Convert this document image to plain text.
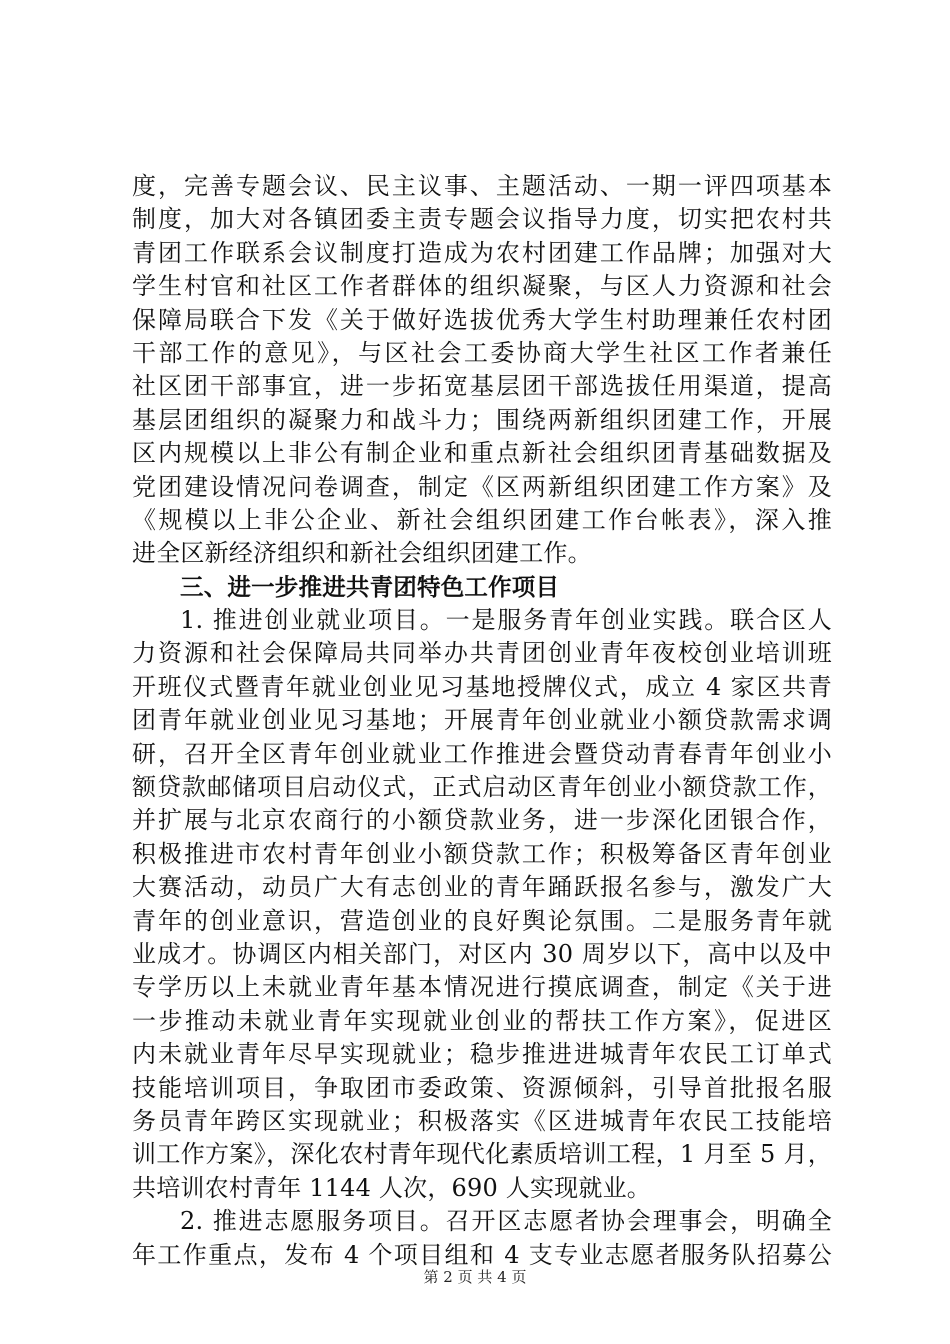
度，完善专题会议、民主议事、主题活动、一期一评四项基本
制度，加大对各镇团委主责专题会议指导力度，切实把农村共
青团工作联系会议制度打造成为农村团建工作品牌；加强对大
学生村官和社区工作者群体的组织凝聚，与区人力资源和社会
保障局联合下发《关于做好选拔优秀大学生村助理兼任农村团
干部工作的意见》，与区社会工委协商大学生社区工作者兼任
社区团干部事宜，进一步拓宽基层团干部选拔任用渠道，提高
基层团组织的凝聚力和战斗力；围绕两新组织团建工作，开展
区内规模以上非公有制企业和重点新社会组织团青基础数据及
党团建设情况问卷调查，制定《区两新组织团建工作方案》及
《规模以上非公企业、新社会组织团建工作台帐表》，深入推
进全区新经济组织和新社会组织团建工作。
三、进一步推进共青团特色工作项目
1. 推进创业就业项目。一是服务青年创业实践。联合区人
力资源和社会保障局共同举办共青团创业青年夜校创业培训班
开班仪式暨青年就业创业见习基地授牌仪式，成立 4 家区共青
团青年就业创业见习基地；开展青年创业就业小额贷款需求调
研，召开全区青年创业就业工作推进会暨贷动青春青年创业小
额贷款邮储项目启动仪式，正式启动区青年创业小额贷款工作，
并扩展与北京农商行的小额贷款业务，进一步深化团银合作，
积极推进市农村青年创业小额贷款工作；积极筹备区青年创业
大赛活动，动员广大有志创业的青年踊跃报名参与，激发广大
青年的创业意识，营造创业的良好舆论氛围。二是服务青年就
业成才。协调区内相关部门，对区内 30 周岁以下，高中以及中
专学历以上未就业青年基本情况进行摸底调查，制定《关于进
一步推动未就业青年实现就业创业的帮扶工作方案》，促进区
内未就业青年尽早实现就业；稳步推进进城青年农民工订单式
技能培训项目，争取团市委政策、资源倾斜，引导首批报名服
务员青年跨区实现就业；积极落实《区进城青年农民工技能培
训工作方案》，深化农村青年现代化素质培训工程，1 月至 5 月，
共培训农村青年 1144 人次，690 人实现就业。
2. 推进志愿服务项目。召开区志愿者协会理事会，明确全
年工作重点，发布 4 个项目组和 4 支专业志愿者服务队招募公
第 2 页 共 4 页
